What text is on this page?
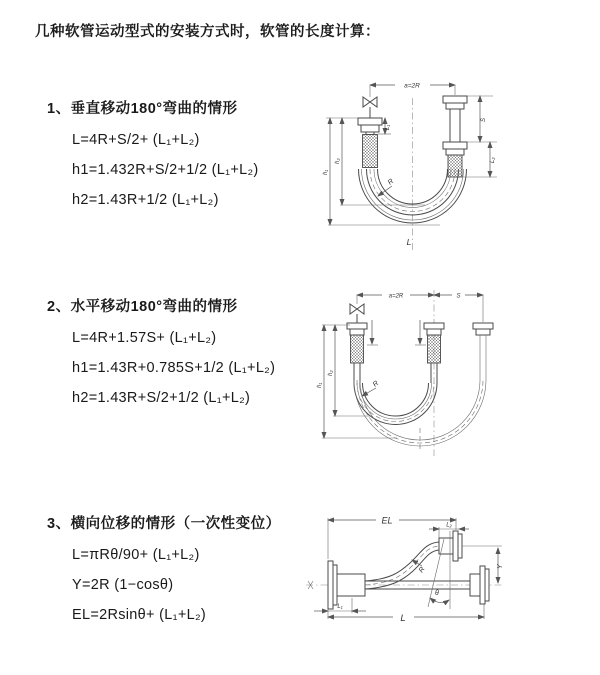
几种软管运动型式的安装方式时，软管的长度计算：
1、垂直移动180°弯曲的情形
L=4R+S/2+ (L₁+L₂)
h1=1.432R+S/2+1/2 (L₁+L₂)
h2=1.43R+1/2 (L₁+L₂)
2、水平移动180°弯曲的情形
L=4R+1.57S+ (L₁+L₂)
h1=1.43R+0.785S+1/2 (L₁+L₂)
h2=1.43R+S/2+1/2 (L₁+L₂)
3、横向位移的情形（一次性变位）
L=πRθ/90+ (L₁+L₂)
Y=2R (1−cosθ)
EL=2Rsinθ+ (L₁+L₂)
a=2R
h₁
h₂
L₁
S
L₂
R
L
a=2R	S
h₁
h₂
R
EL	L₂
Y
θ
R
L₁
L
